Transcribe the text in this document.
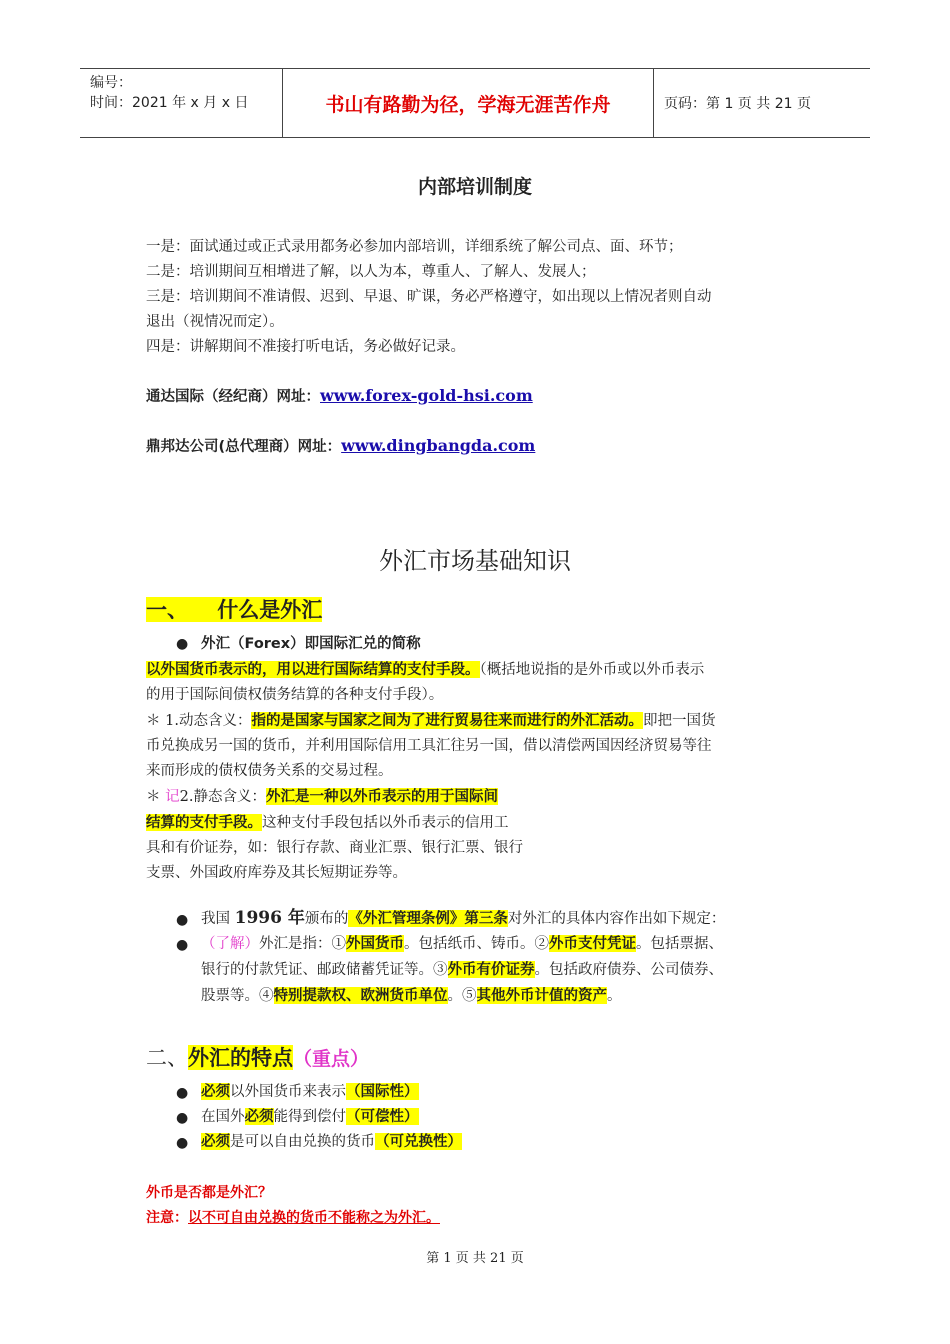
编号：
时间：2021 年 x 月 x 日	书山有路勤为径，学海无涯苦作舟	页码：第 1 页 共 21 页
内部培训制度
一是：面试通过或正式录用都务必参加内部培训，详细系统了解公司点、面、环节；
二是：培训期间互相增进了解，以人为本，尊重人、了解人、发展人；
三是：培训期间不准请假、迟到、早退、旷课，务必严格遵守，如出现以上情况者则自动
退出（视情况而定）。
四是：讲解期间不准接打听电话，务必做好记录。
通达国际（经纪商）网址：www.forex-gold-hsi.com
鼎邦达公司(总代理商）网址：www.dingbangda.com
外汇市场基础知识
一、    什么是外汇
● 外汇（Forex）即国际汇兑的简称
以外国货币表示的，用以进行国际结算的支付手段。（概括地说指的是外币或以外币表示
的用于国际间债权债务结算的各种支付手段）。
＊ 1.动态含义：指的是国家与国家之间为了进行贸易往来而进行的外汇活动。即把一国货
币兑换成另一国的货币，并利用国际信用工具汇往另一国，借以清偿两国因经济贸易等往
来而形成的债权债务关系的交易过程。
＊ 记2.静态含义：外汇是一种以外币表示的用于国际间
结算的支付手段。这种支付手段包括以外币表示的信用工
具和有价证券，如：银行存款、商业汇票、银行汇票、银行
支票、外国政府库券及其长短期证券等。
● 我国 1996 年颁布的《外汇管理条例》第三条对外汇的具体内容作出如下规定：
● （了解）外汇是指：①外国货币。包括纸币、铸币。②外币支付凭证。包括票据、
银行的付款凭证、邮政储蓄凭证等。③外币有价证券。包括政府债券、公司债券、
股票等。④特别提款权、欧洲货币单位。⑤其他外币计值的资产。
二、外汇的特点（重点）
● 必须以外国货币来表示（国际性）
● 在国外必须能得到偿付（可偿性）
● 必须是可以自由兑换的货币（可兑换性）
外币是否都是外汇？
注意：以不可自由兑换的货币不能称之为外汇。
第 1 页 共 21 页
